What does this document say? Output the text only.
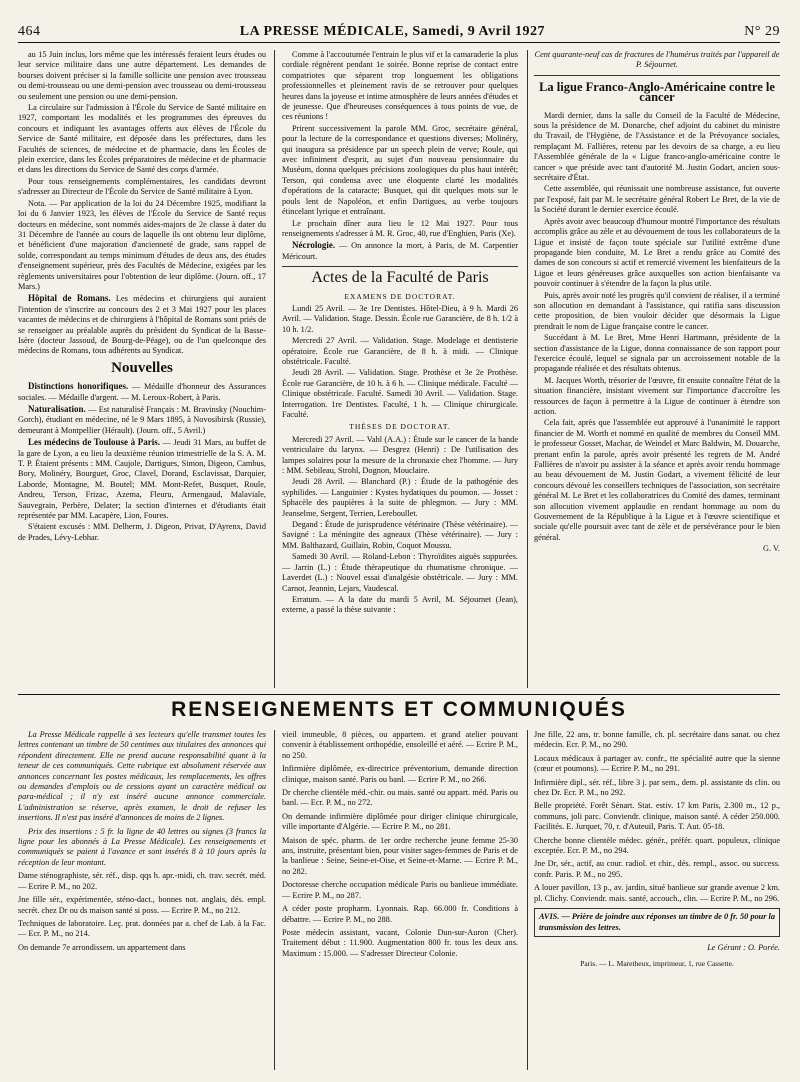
464	LA PRESSE MÉDICALE, Samedi, 9 Avril 1927	N° 29

au 15 Juin inclus, lors même que les intéressés feraient leurs études ou leur service militaire dans une autre département. Les demandes de bourses doivent préciser si la famille sollicite une pension avec trousseau ou demi-trousseau ou une demi-pension avec trousseau ou demi-trousseau ou seulement une pension ou une demi-pension.

La circulaire sur l'admission à l'École du Service de Santé militaire en 1927, comportant les modalités et les programmes des épreuves du concours et indiquant les avantages offerts aux élèves de l'École du Service de Santé militaire, est déposée dans les préfectures, dans les Facultés de sciences, de médecine et de pharmacie, dans les Écoles de plein exercice, dans les Écoles préparatoires de médecine et de pharmacie et dans les directions du Service de Santé des corps d'armée.

Pour tous renseignements complémentaires, les candidats devront s'adresser au Directeur de l'École du Service de Santé militaire à Lyon.

Nota. — Par application de la loi du 24 Décembre 1925, modifiant la loi du 6 Janvier 1923, les élèves de l'École du Service de Santé reçus docteurs en médecine, sont nommés aides-majors de 2e classe à dater du 31 Décembre de l'année au cours de laquelle ils ont obtenu leur diplôme, et bénéficient d'une majoration d'ancienneté de grade, sans rappel de solde, correspondant au temps minimum d'études de deux ans, des études d'enseignement supérieur, près des Facultés de Médecine, exigées par les règlements universitaires pour l'obtention de leur diplôme. (Journ. off., 17 Mars.)

Hôpital de Romans. Les médecins et chirurgiens qui auraient l'intention de s'inscrire au concours des 2 et 3 Mai 1927 pour les places vacantes de médecins et de chirurgiens à l'hôpital de Romans sont priés de se renseigner au préalable auprès du président du Syndicat de la Basse-Isère (docteur Jassoud, de Bourg-de-Péage), ou de l'un quelconque des médecins de Romans, tous adhérents au Syndicat.

Nouvelles

Distinctions honorifiques. — Médaille d'honneur des Assurances sociales. — Médaille d'argent. — M. Leroux-Robert, à Paris.

Naturalisation. — Est naturalisé Français : M. Bravinsky (Nouchim-Gorch), étudiant en médecine, né le 9 Mars 1895, à Novosibirsk (Russie), demeurant à Montpellier (Hérault). (Journ. off., 5 Avril.)

Les médecins de Toulouse à Paris. — Jeudi 31 Mars, au buffet de la gare de Lyon, a eu lieu la deuxième réunion trimestrielle de la S. A. M. T. P. Étaient présents : MM. Caujole, Dartigues, Simon, Digeon, Cambus, Bory, Molinéry, Bourguet, Groc, Clavel, Dorand, Esclavissat, Darquier, Laborde, Montagne, M. Boutel; MM. Mont-Refet, Busquet, Roule, Andreu, Terson, Frizac, Azema, Fleuru, Armengaud, Malaviale, Sauvegrain, Perbère, Delater; la section d'internes et d'étudiants était représentée par MM. Lacapère, Lion, Foures.

S'étaient excusés : MM. Delherm, J. Digeon, Privat, D'Ayrenx, David de Prades, Lévy-Lebhar.

Comme à l'accoutumée l'entrain le plus vif et la camaraderie la plus cordiale régnèrent pendant 1e soirée. Bonne reprise de contact entre compatriotes que séparent trop longuement les obligations professionnelles et pleinement ravis de se retrouver pour quelques heures dans la joyeuse et intime atmosphère de leurs années d'études et de jeunesse. Que d'heureuses conséquences à tous points de vue, de ces réunions !

Prirent successivement la parole MM. Groc, secrétaire général, pour la lecture de la correspondance et questions diverses; Molinéry, qui inaugura sa présidence par un speech plein de verve; Roule, qui avec infiniment d'esprit, au sujet d'un nouveau pensionnaire du Muséum, donna quelques précisions zoologiques du plus haut intérêt; Terson, qui condensa avec une éloquente clarté les modalités d'opérations de la cataracte; Busquet, qui dit quelques mots sur le pouls lent de Napoléon, et enfin Dartigues, au verbe toujours étincelant lyrique et entraînant.

Le prochain dîner aura lieu le 12 Mai 1927. Pour tous renseignements s'adresser à M. R. Groc, 40, rue d'Enghien, Paris (Xe).

Nécrologie. — On annonce la mort, à Paris, de M. Carpentier Méricourt.

Actes de la Faculté de Paris
EXAMENS DE DOCTORAT.

Lundi 25 Avril. — 3e 1re Dentistes. Hôtel-Dieu, à 9 h. Mardi 26 Avril. — Validation. Stage. Dessin. École rue Garancière, de 8 h. 1/2 à 10 h. 1/2.

Mercredi 27 Avril. — Validation. Stage. Modelage et dentisterie opératoire. École rue Garancière, de 8 h. à midi. — Clinique obstétricale. Faculté.

Jeudi 28 Avril. — Validation. Stage. Prothèse et 3e 2e Prothèse. École rue Garancière, de 10 h. à 6 h. — Clinique médicale. Faculté — Clinique obstétricale. Faculté. Samedi 30 Avril. — Validation. Stage. Interrogation. 1re Dentistes. Faculté, 1 h. — Clinique chirurgicale. Faculté.

THÈSES DE DOCTORAT.

Mercredi 27 Avril. — Vahl (A.A.) : Étude sur le cancer de la bande ventriculaire du larynx. — Desgrez (Henri) : De l'utilisation des lampes solaires pour la mesure de la chronaxie chez l'homme. — Jury : MM. Sebileau, Strohl, Dognon, Mouclaire.

Jeudi 28 Avril. — Blanchard (P.) : Étude de la pathogénie des syphilides. — Languinier : Kystes hydatiques du poumon. — Josset : Sphacèle des paupières à la suite de phlegmon. — Jury : MM. Jeanselme, Sergent, Terrien, Lereboullet.

Degand : Étude de jurisprudence vétérinaire (Thèse vétérinaire). — Savigné : La méningite des agneaux (Thèse vétérinaire). — Jury : MM. Balthazard, Guillain, Robin, Coquot Moussu.

Samedi 30 Avril. — Roland-Lebon : Thyroïdites aiguës suppurées. — Jarrin (L.) : Étude thérapeutique du rhumatisme chronique. — Laverdet (L.) : Nouvel essai d'analgésie obstétricale. — Jury : MM. Carnot, Jeannin, Lejars, Vaudescal.

Erratum. — A la date du mardi 5 Avril, M. Séjournet (Jean), externe, a passé la thèse suivante :

Cent quarante-neuf cas de fractures de l'humérus traités par l'appareil de P. Séjournet.

La ligue Franco-Anglo-Américaine contre le cancer

Mardi dernier, dans la salle du Conseil de la Faculté de Médecine, sous la présidence de M. Donarche, chef adjoint du cabinet du ministre du Travail, de l'Hygiène, de l'Assistance et de la Prévoyance sociales, remplaçant M. Fallières, retenu par les devoirs de sa charge, a eu lieu l'Assemblée générale de la « Ligue franco-anglo-américaine contre le cancer » que préside avec tant d'autorité M. Justin Godart, ancien sous-secrétaire d'État.

Cette assemblée, qui réunissait une nombreuse assistance, fut ouverte par l'exposé, fait par M. le secrétaire général Robert Le Bret, de la vie de la Société durant le dernier exercice écoulé.

Après avoir avec beaucoup d'humour montré l'importance des résultats accomplis grâce au zèle et au dévouement de tous les collaborateurs de la Ligue et insisté de façon toute spéciale sur l'utilité extrême d'une propagande bien conduite, M. Le Bret a rendu grâce au Comité des dames de son concours si actif et remercié vivement les bienfaiteurs de la Ligue et leurs généreuses grâce auxquelles son action bienfaisante va pouvoir continuer à s'étendre de la façon la plus utile.

Puis, après avoir noté les progrès qu'il convient de réaliser, il a terminé son allocution en demandant à l'assistance, qui ratifia sans discussion cette proposition, de bien vouloir décider que désormais la Ligue prendrait le nom de Ligue française contre le cancer.

Succédant à M. Le Bret, Mme Henri Hartmann, présidente de la section d'assistance de la Ligue, donna connaissance de son rapport pour l'exercice écoulé, lequel se signala par un accroissement notable de la propagande réalisée et des résultats obtenus.

M. Jacques Worth, trésorier de l'œuvre, fit ensuite connaître l'état de la situation financière, insistant vivement sur l'importance d'accroître les ressources de façon à permettre à la Ligue de continuer à étendre son action.

Cela fait, après que l'assemblée eut approuvé à l'unanimité le rapport financier de M. Worth et nommé en qualité de membres du Conseil MM. le professeur Gosset, Machar, de Weindel et Marc Baldwin, M. Douarche, prenant enfin la parole, après avoir présenté les regrets de M. André Fallières de n'avoir pu assister à la séance et après avoir rendu hommage au beau dévouement de M. Justin Godart, a vivement félicité de leur concours dévoué les conseillers techniques de l'association, son secrétaire général M. Le Bret et les collaboratrices du Comité des dames, terminant son allocution vivement applaudie en rendant hommage au nom du Gouvernement de la République à la Ligue et à l'œuvre scientifique et sociale qu'elle poursuit avec tant de zèle et de persévérance pour le bien général.

G. V.
RENSEIGNEMENTS ET COMMUNIQUÉS

La Presse Médicale rappelle à ses lecteurs qu'elle transmet toutes les lettres contenant un timbre de 50 centimes aux titulaires des annonces qui répondent directement. Elle ne prend aucune responsabilité quant à la teneur de ces communiqués. Cette rubrique est absolument réservée aux annonces concernant les postes médicaux, les remplacements, les offres ou demandes d'emplois ou de cessions ayant un caractère médical ou para-médical ; il n'y est inséré aucune annonce commerciale. L'administration se réserve, après examen, le droit de refuser les insertions. Il n'est pas inséré d'annonces de moins de 2 lignes.

Prix des insertions : 5 fr. la ligne de 40 lettres ou signes (3 francs la ligne pour les abonnés à La Presse Médicale). Les renseignements et communiqués se paient à l'avance et sont insérés 8 à 10 jours après la réception de leur montant.

Dame sténographiste, sér. réf., disp. qqs h. apr.-midi, ch. trav. secrét. méd. — Ecrire P. M., no 202.

Jne fille sér., expérimentée, sténo-dact., bonnes not. anglais, dés. empl. secrét. chez Dr ou ds maison santé si poss. — Ecrire P. M., no 212.

Techniques de laboratoire. Leç. prat. données par a. chef de Lab. à la Fac. — Ecr. P. M., no 214.

On demande 7e arrondissem. un appartement dans

vieil immeuble, 8 pièces, ou appartem. et grand atelier pouvant convenir à établissement orthopédie, ensoleillé et aéré. — Ecrire P. M., no 250.

Infirmière diplômée, ex-directrice préventorium, demande direction clinique, maison santé. Paris ou banl. — Ecrire P. M., no 266.

Dr cherche clientèle méd.-chir. ou mais. santé ou appart. méd. Paris ou banl. — Ecr. P. M., no 272.

On demande infirmière diplômée pour diriger clinique chirurgicale, ville importante d'Algérie. — Ecrire P. M., no 281.

Maison de spéc. pharm. de 1er ordre recherche jeune femme 25-30 ans, instruite, présentant bien, pour visiter sages-femmes de Paris et de la banlieue : Seine, Seine-et-Oise, et Seine-et-Marne. — Ecrire P. M., no 282.

Doctoresse cherche occupation médicale Paris ou banlieue immédiate. — Ecrire P. M., no 287.

A céder poste propharm. Lyonnais. Rap. 66.000 fr. Conditions à débattre. — Ecrire P. M., no 288.

Poste médecin assistant, vacant, Colonie Dun-sur-Auron (Cher). Traitement début : 11.900. Augmentation 800 fr. tous les deux ans. Maximum : 15.000. — S'adresser Directeur Colonie.

Jne fille, 22 ans, tr. bonne famille, ch. pl. secrétaire dans sanat. ou chez médecin. Ecr. P. M., no 290.

Locaux médicaux à partager av. confr., tte spécialité autre que la sienne (cœur et poumons). — Ecrire P. M., no 291.

Infirmière dipl., sér. réf., libre 3 j. par sem., dem. pl. assistante ds clin. ou chez Dr. Ecr. P. M., no 292.

Belle propriété. Forêt Sénart. Stat. estiv. 17 km Paris, 2.300 m., 12 p., communs, joli parc. Conviendr. clinique, maison santé. A céder 250.000. Facilités. E. Jurquet, 70, r. d'Auteuil, Paris. T. Aut. 05-18.

Cherche bonne clientèle médec. génér., préfér. quart. populeux, clinique exceptée. Ecr. P. M., no 294.

Jne Dr, sér., actif, au cour. radiol. et chir., dés. rempl., assoc. ou success. confr. Paris. P. M., no 295.

A louer pavillon, 13 p., av. jardin, situé banlieue sur grande avenue 2 km. pl. Clichy. Conviendr. mais. santé, accouch., clin. — Ecrire P. M., no 296.

AVIS. — Prière de joindre aux réponses un timbre de 0 fr. 50 pour la transmission des lettres.
Le Gérant : O. Porée.
Paris. — L. Maretheux, imprimeur, 1, rue Cassette.
